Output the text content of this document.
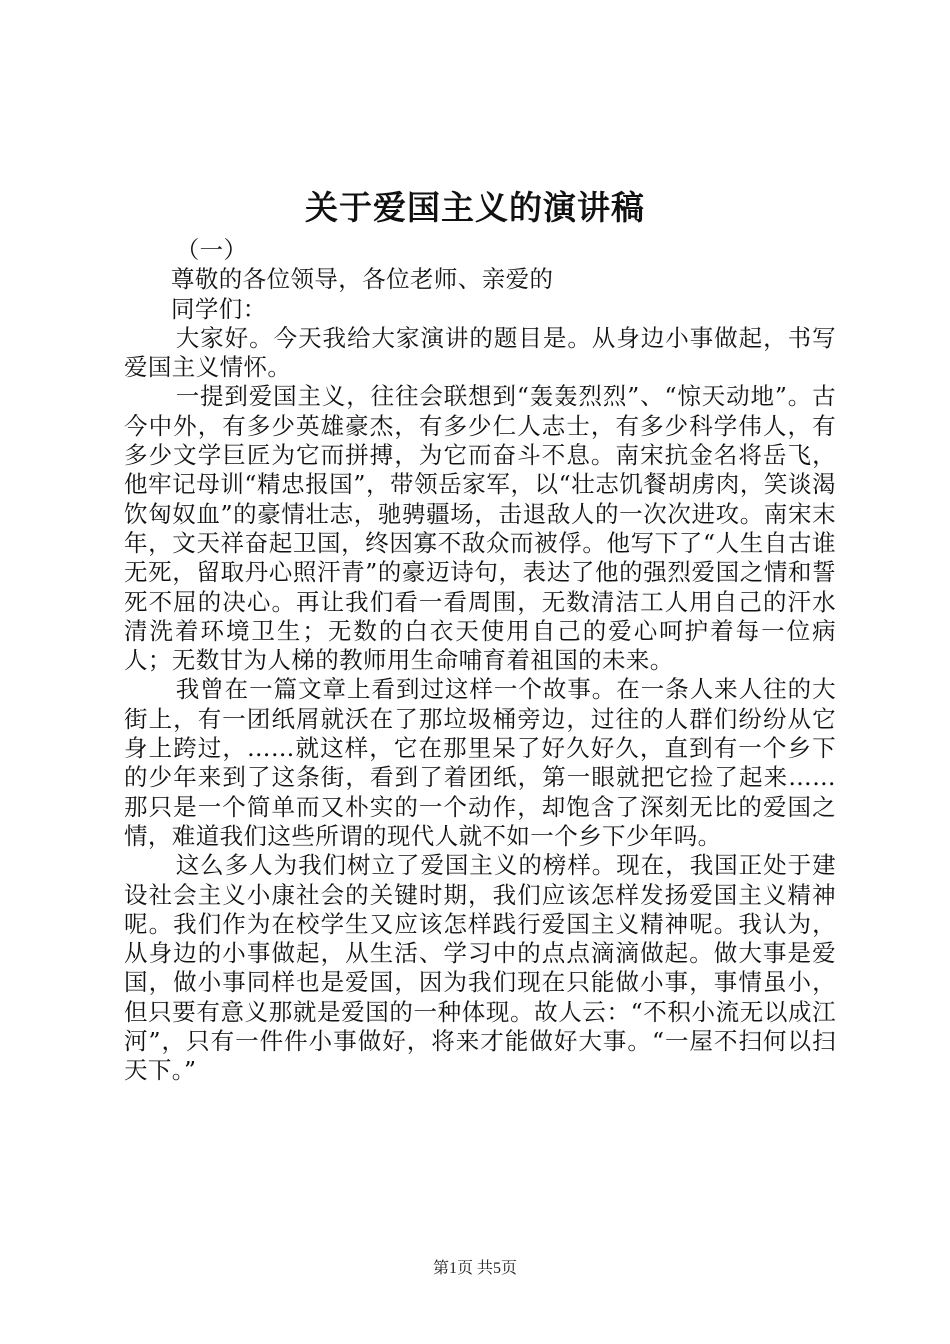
关于爱国主义的演讲稿

（一）

尊敬的各位领导，各位老师、亲爱的

同学们：

大家好。今天我给大家演讲的题目是。从身边小事做起，书写爱国主义情怀。

一提到爱国主义，往往会联想到“轰轰烈烈”、“惊天动地”。古今中外，有多少英雄豪杰，有多少仁人志士，有多少科学伟人，有多少文学巨匠为它而拼搏，为它而奋斗不息。南宋抗金名将岳飞，他牢记母训“精忠报国”，带领岳家军，以“壮志饥餐胡虏肉，笑谈渴饮匈奴血”的豪情壮志，驰骋疆场，击退敌人的一次次进攻。南宋末年，文天祥奋起卫国，终因寡不敌众而被俘。他写下了“人生自古谁无死，留取丹心照汗青”的豪迈诗句，表达了他的强烈爱国之情和誓死不屈的决心。再让我们看一看周围，无数清洁工人用自己的汗水清洗着环境卫生；无数的白衣天使用自己的爱心呵护着每一位病人；无数甘为人梯的教师用生命哺育着祖国的未来。

我曾在一篇文章上看到过这样一个故事。在一条人来人往的大街上，有一团纸屑就沃在了那垃圾桶旁边，过往的人群们纷纷从它身上跨过，……就这样，它在那里呆了好久好久，直到有一个乡下的少年来到了这条街，看到了着团纸，第一眼就把它捡了起来……那只是一个简单而又朴实的一个动作，却饱含了深刻无比的爱国之情，难道我们这些所谓的现代人就不如一个乡下少年吗。

这么多人为我们树立了爱国主义的榜样。现在，我国正处于建设社会主义小康社会的关键时期，我们应该怎样发扬爱国主义精神呢。我们作为在校学生又应该怎样践行爱国主义精神呢。我认为，从身边的小事做起，从生活、学习中的点点滴滴做起。做大事是爱国，做小事同样也是爱国，因为我们现在只能做小事，事情虽小，但只要有意义那就是爱国的一种体现。故人云：“不积小流无以成江河”，只有一件件小事做好，将来才能做好大事。“一屋不扫何以扫天下。”

第1页 共5页
